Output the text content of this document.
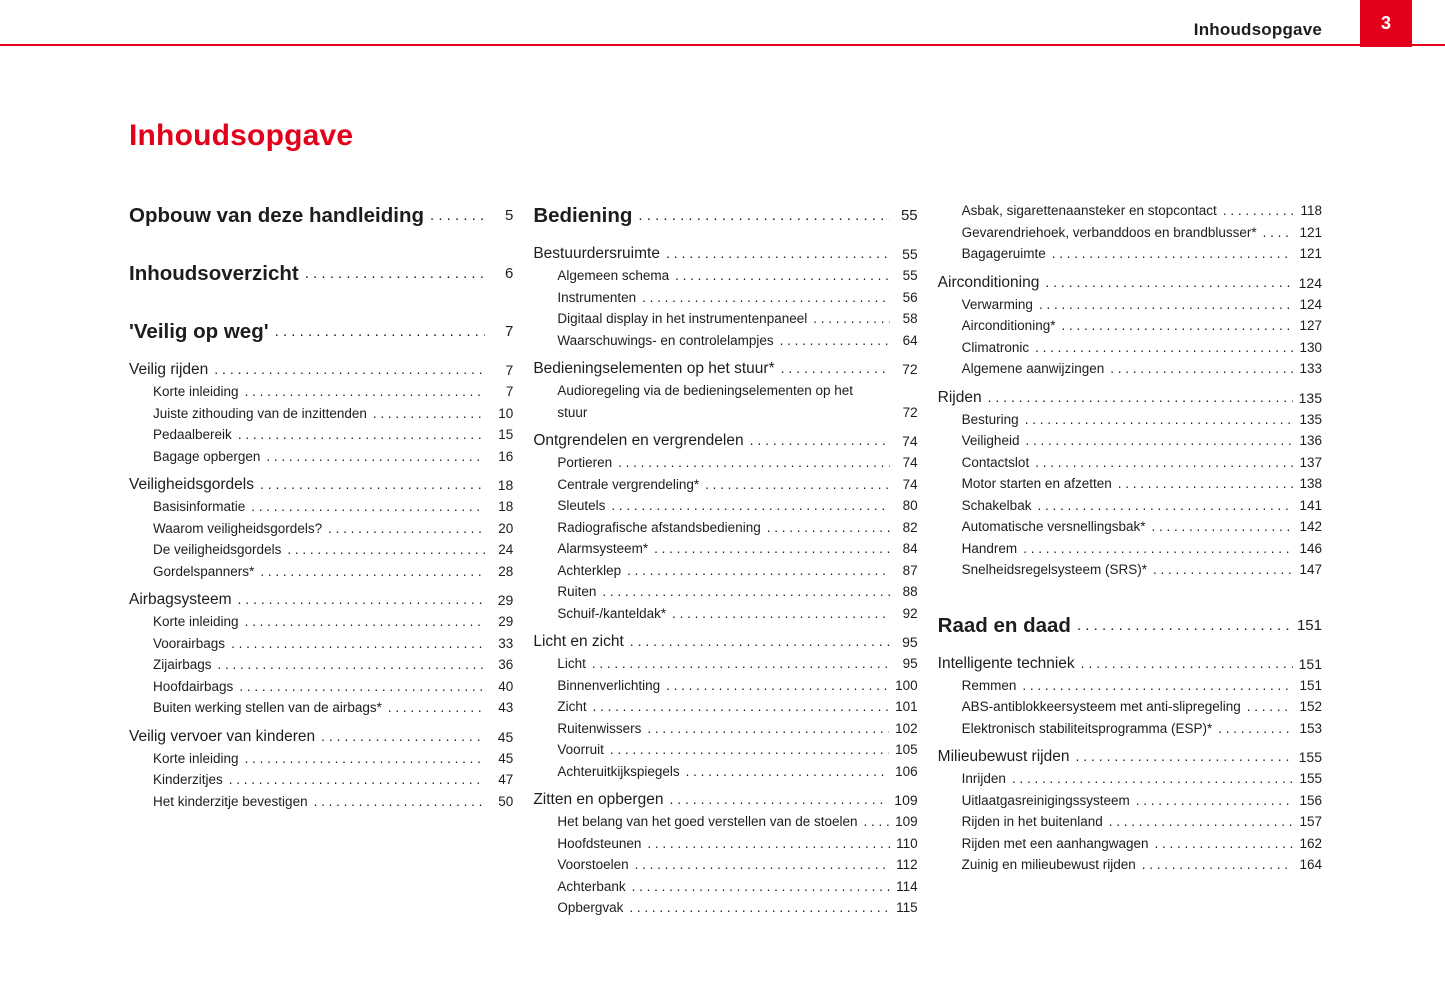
Inhoudsopgave	3
Inhoudsopgave
Opbouw van deze handleiding . . .	5
Inhoudsoverzicht . . .	6
'Veilig op weg' . . .	7
Veilig rijden . . .	7
Korte inleiding . . .	7
Juiste zithouding van de inzittenden . . .	10
Pedaalbereik . . .	15
Bagage opbergen . . .	16
Veiligheidsgordels . . .	18
Basisinformatie . . .	18
Waarom veiligheidsgordels? . . .	20
De veiligheidsgordels . . .	24
Gordelspanners* . . .	28
Airbagsysteem . . .	29
Korte inleiding . . .	29
Voorairbags . . .	33
Zijairbags . . .	36
Hoofdairbags . . .	40
Buiten werking stellen van de airbags* . . .	43
Veilig vervoer van kinderen . . .	45
Korte inleiding . . .	45
Kinderzitjes . . .	47
Het kinderzitje bevestigen . . .	50
Bediening . . .	55
Bestuurdersruimte . . .	55
Algemeen schema . . .	55
Instrumenten . . .	56
Digitaal display in het instrumentenpaneel . . .	58
Waarschuwings- en controlelampjes . . .	64
Bedieningselementen op het stuur* . . .	72
Audioregeling via de bedieningselementen op het stuur . . .	72
Ontgrendelen en vergrendelen . . .	74
Portieren . . .	74
Centrale vergrendeling* . . .	74
Sleutels . . .	80
Radiografische afstandsbediening . . .	82
Alarmsysteem* . . .	84
Achterklep . . .	87
Ruiten . . .	88
Schuif-/kanteldak* . . .	92
Licht en zicht . . .	95
Licht . . .	95
Binnenverlichting . . .	100
Zicht . . .	101
Ruitenwissers . . .	102
Voorruit . . .	105
Achteruitkijkspiegels . . .	106
Zitten en opbergen . . .	109
Het belang van het goed verstellen van de stoelen . . .	109
Hoofdsteunen . . .	110
Voorstoelen . . .	112
Achterbank . . .	114
Opbergvak . . .	115
Asbak, sigarettenaansteker en stopcontact . . .	118
Gevarendriehoek, verbanddoos en brandblusser* . . .	121
Bagageruimte . . .	121
Airconditioning . . .	124
Verwarming . . .	124
Airconditioning* . . .	127
Climatronic . . .	130
Algemene aanwijzingen . . .	133
Rijden . . .	135
Besturing . . .	135
Veiligheid . . .	136
Contactslot . . .	137
Motor starten en afzetten . . .	138
Schakelbak . . .	141
Automatische versnellingsbak* . . .	142
Handrem . . .	146
Snelheidsregelsysteem (SRS)* . . .	147
Raad en daad . . .	151
Intelligente techniek . . .	151
Remmen . . .	151
ABS-antiblokkeersysteem met anti-slipregeling . . .	152
Elektronisch stabiliteitsprogramma (ESP)* . . .	153
Milieubewust rijden . . .	155
Inrijden . . .	155
Uitlaatgasreinigingssysteem . . .	156
Rijden in het buitenland . . .	157
Rijden met een aanhangwagen . . .	162
Zuinig en milieubewust rijden . . .	164
